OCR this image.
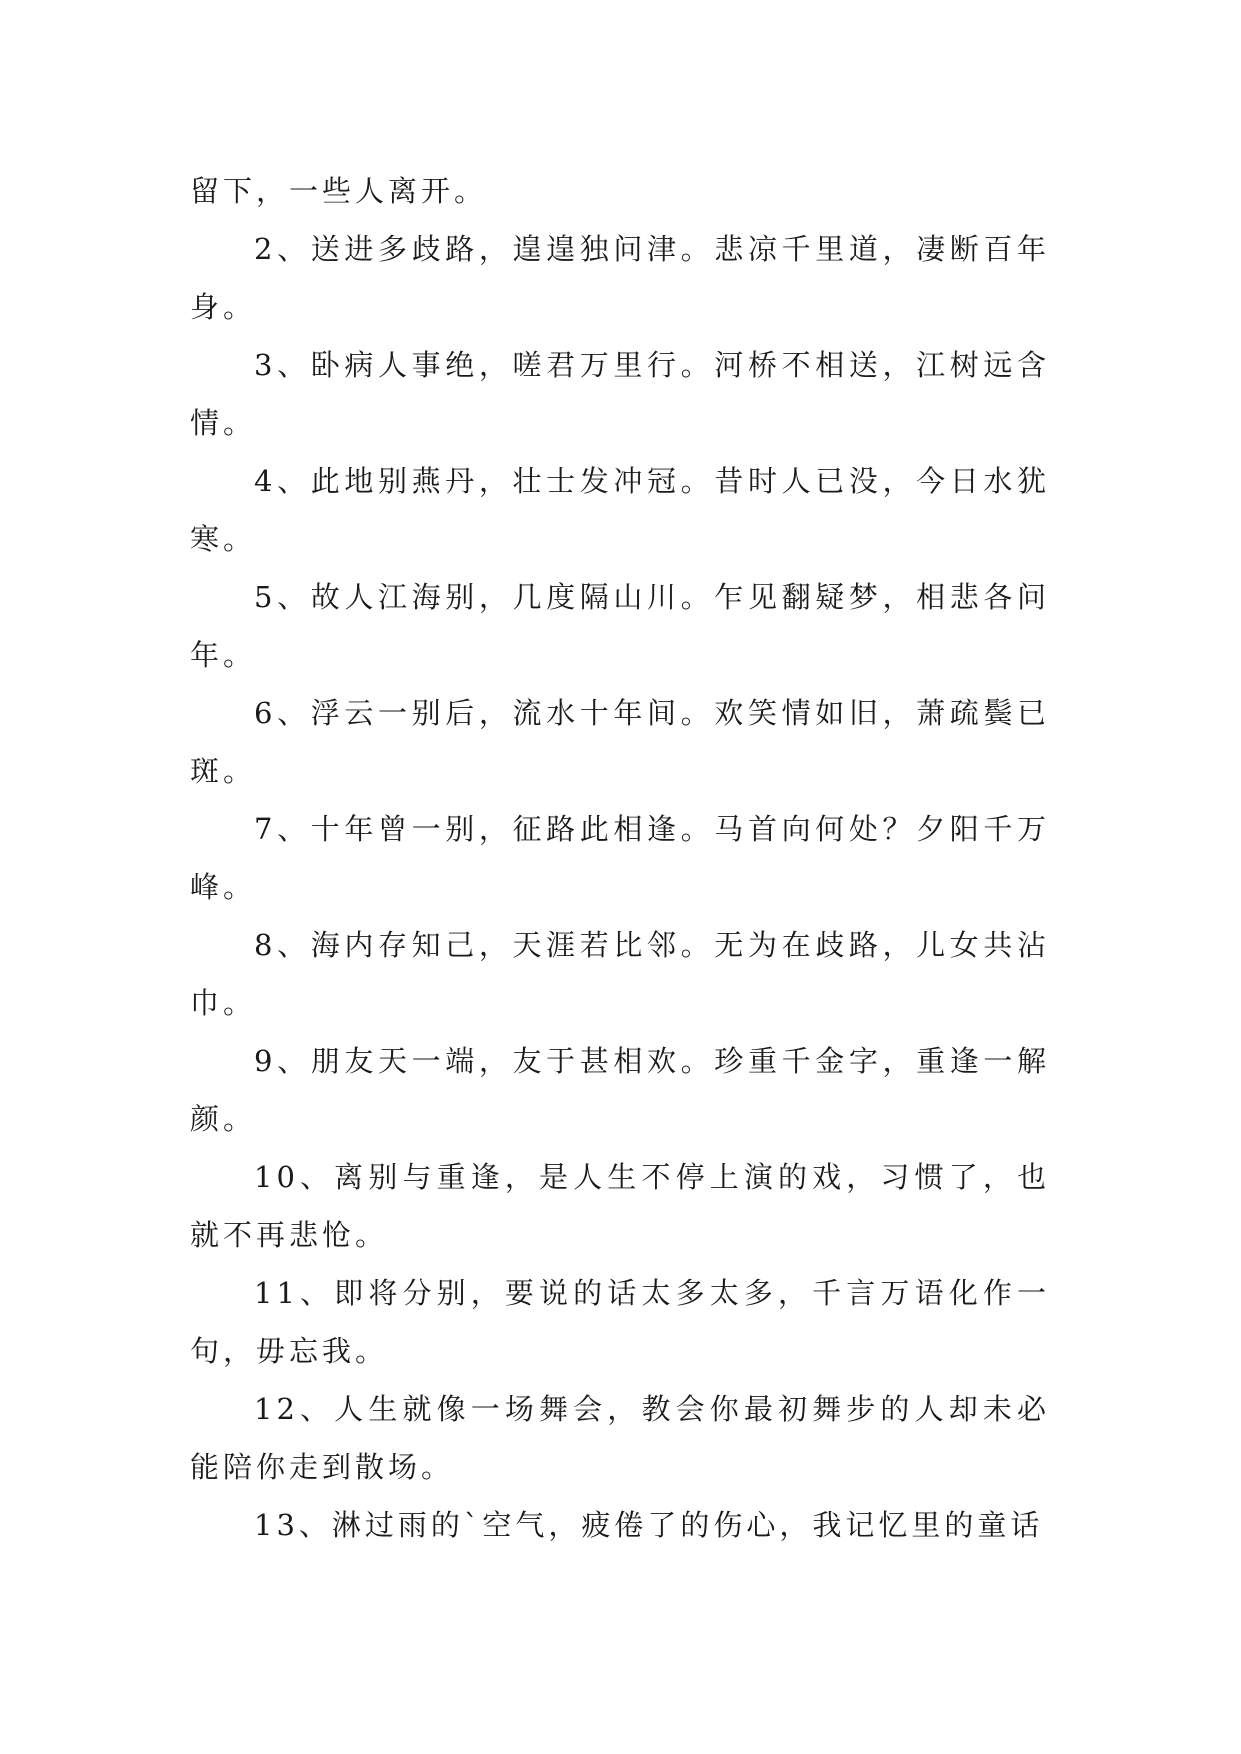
留下，一些人离开。

2、送进多歧路，遑遑独问津。悲凉千里道，凄断百年身。

3、卧病人事绝，嗟君万里行。河桥不相送，江树远含情。

4、此地别燕丹，壮士发冲冠。昔时人已没，今日水犹寒。

5、故人江海别，几度隔山川。乍见翻疑梦，相悲各问年。

6、浮云一别后，流水十年间。欢笑情如旧，萧疏鬓已斑。

7、十年曾一别，征路此相逢。马首向何处？夕阳千万峰。

8、海内存知己，天涯若比邻。无为在歧路，儿女共沾巾。

9、朋友天一端，友于甚相欢。珍重千金字，重逢一解颜。

10、离别与重逢，是人生不停上演的戏，习惯了，也就不再悲怆。

11、即将分别，要说的话太多太多，千言万语化作一句，毋忘我。

12、人生就像一场舞会，教会你最初舞步的人却未必能陪你走到散场。

13、淋过雨的`空气，疲倦了的伤心，我记忆里的童话
